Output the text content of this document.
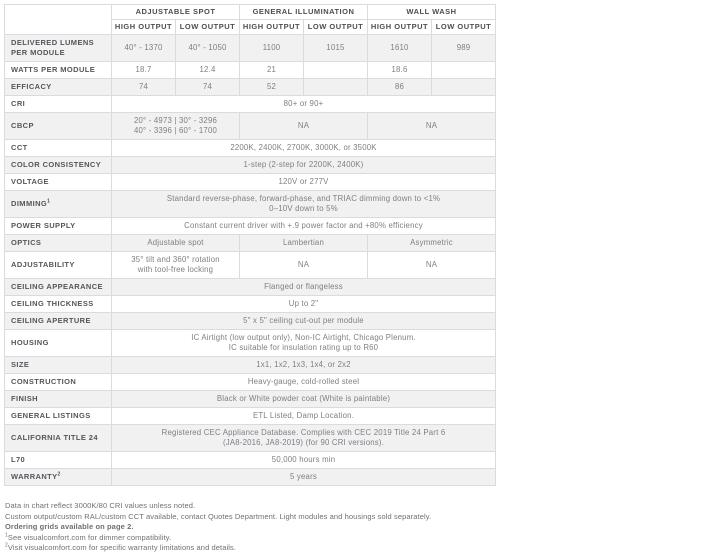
	ADJUSTABLE SPOT		GENERAL ILLUMINATION		WALL WASH	
	HIGH OUTPUT	LOW OUTPUT	HIGH OUTPUT	LOW OUTPUT	HIGH OUTPUT	LOW OUTPUT
DELIVERED LUMENS PER MODULE	40° - 1370	40° - 1050	1100	1015	1610	989
WATTS PER MODULE	18.7	12.4	21		18.6	
EFFICACY	74	74	52		86	
CRI	80+ or 90+					
CBCP	20° - 4973 | 30° - 3296
40° - 3396 | 60° - 1700		NA		NA	
CCT	2200K, 2400K, 2700K, 3000K, or 3500K					
COLOR CONSISTENCY	1-step (2-step for 2200K, 2400K)					
VOLTAGE	120V or 277V					
DIMMING$^1$	Standard reverse-phase, forward-phase, and TRIAC dimming down to <1%
0–10V down to 5%					
POWER SUPPLY	Constant current driver with +.9 power factor and +80% efficiency					
OPTICS	Adjustable spot		Lambertian		Asymmetric	
ADJUSTABILITY	35° tilt and 360° rotation
with tool-free locking		NA		NA	
CEILING APPEARANCE	Flanged or flangeless					
CEILING THICKNESS	Up to 2"					
CEILING APERTURE	5" x 5" ceiling cut-out per module					
HOUSING	IC Airtight (low output only), Non-IC Airtight, Chicago Plenum.
IC suitable for insulation rating up to R60					
SIZE	1x1, 1x2, 1x3, 1x4, or 2x2					
CONSTRUCTION	Heavy-gauge, cold-rolled steel					
FINISH	Black or White powder coat (White is paintable)					
GENERAL LISTINGS	ETL Listed, Damp Location.					
CALIFORNIA TITLE 24	Registered CEC Appliance Database. Complies with CEC 2019 Title 24 Part 6
(JA8-2016, JA8-2019) (for 90 CRI versions).					
L70	50,000 hours min					
WARRANTY$^2$	5 years					

Data in chart reflect 3000K/80 CRI values unless noted.

Custom output/custom RAL/custom CCT available, contact Quotes Department. Light modules and housings sold separately.

Ordering grids available on page 2.

$^1$See visualcomfort.com for dimmer compatibility.

$^2$Visit visualcomfort.com for specific warranty limitations and details.
